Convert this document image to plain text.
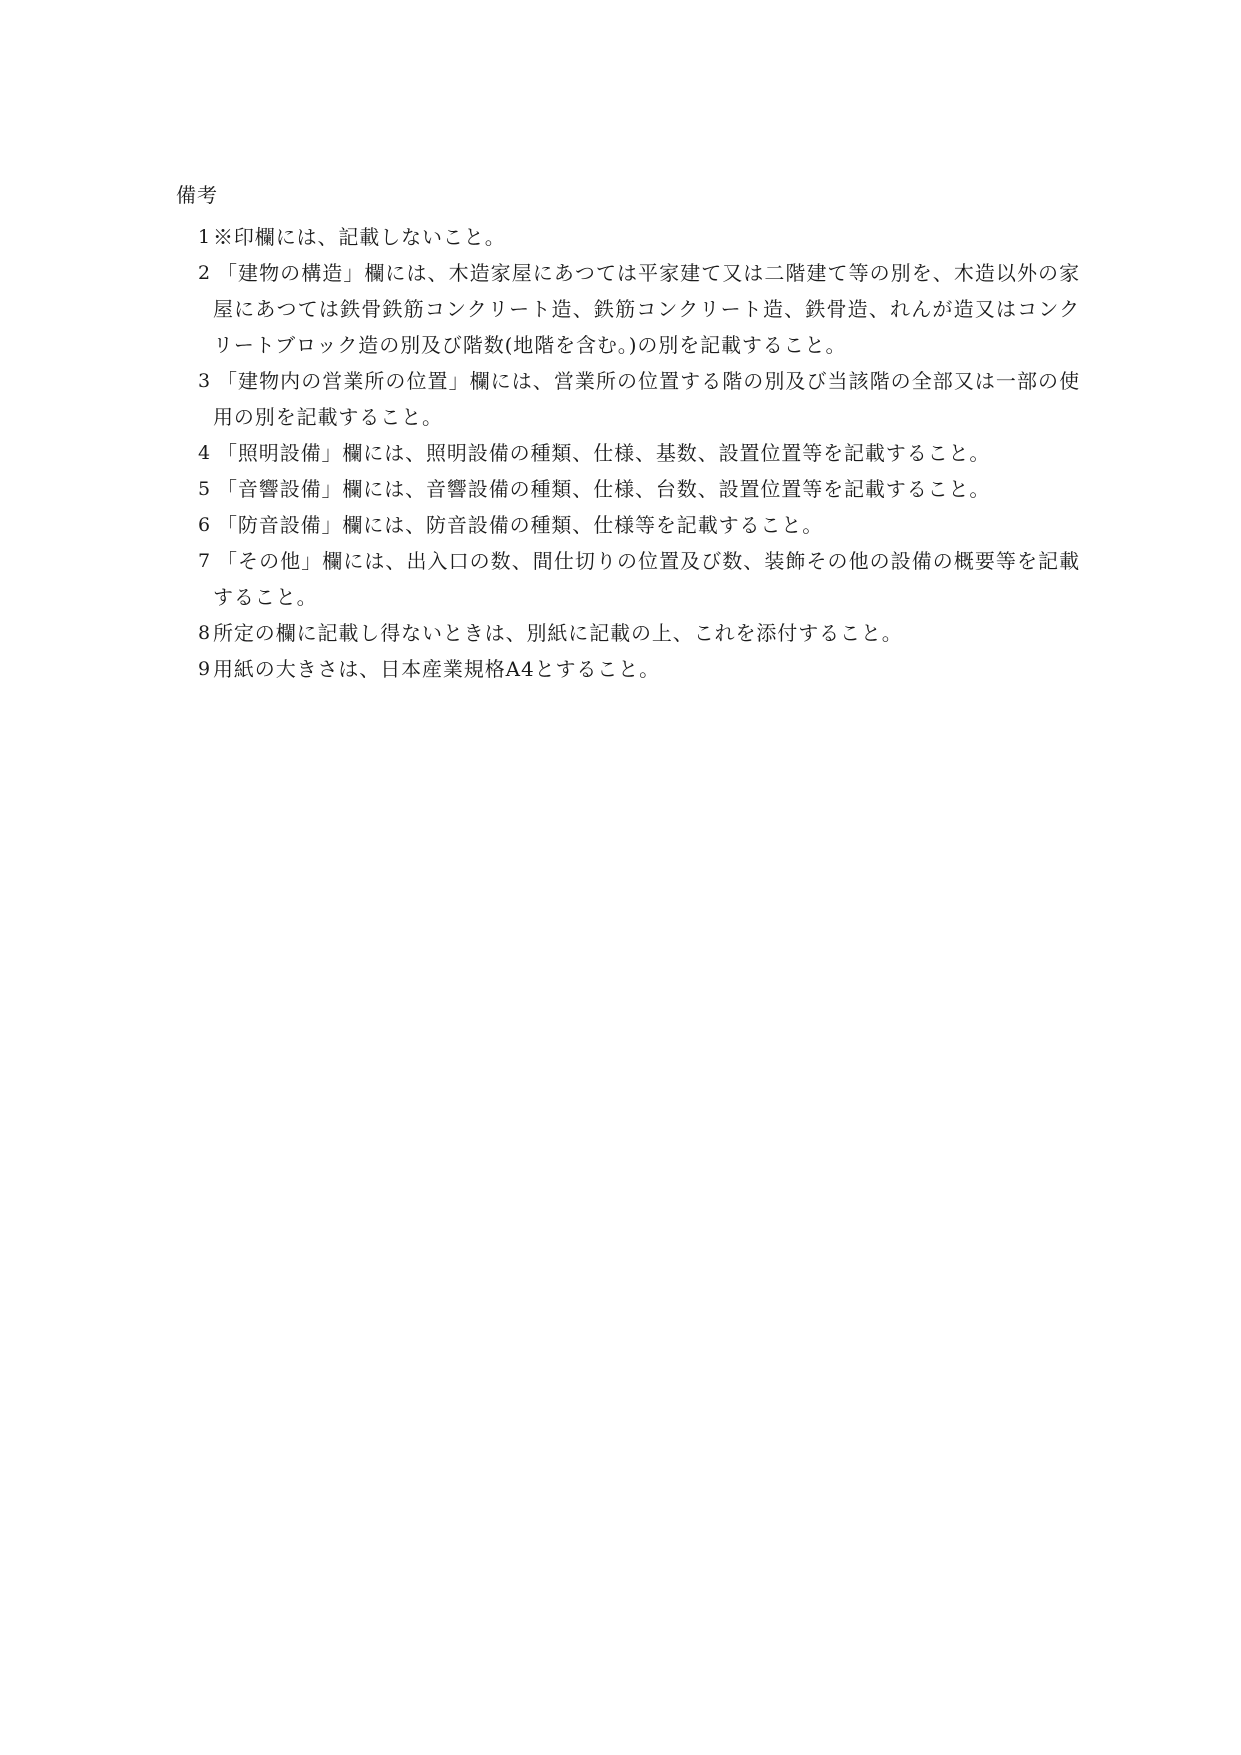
備考
1 ※印欄には、記載しないこと。
2 「建物の構造」欄には、木造家屋にあつては平家建て又は二階建て等の別を、木造以外の家屋にあつては鉄骨鉄筋コンクリート造、鉄筋コンクリート造、鉄骨造、れんが造又はコンクリートブロック造の別及び階数(地階を含む。)の別を記載すること。
3 「建物内の営業所の位置」欄には、営業所の位置する階の別及び当該階の全部又は一部の使用の別を記載すること。
4 「照明設備」欄には、照明設備の種類、仕様、基数、設置位置等を記載すること。
5 「音響設備」欄には、音響設備の種類、仕様、台数、設置位置等を記載すること。
6 「防音設備」欄には、防音設備の種類、仕様等を記載すること。
7 「その他」欄には、出入口の数、間仕切りの位置及び数、装飾その他の設備の概要等を記載すること。
8 所定の欄に記載し得ないときは、別紙に記載の上、これを添付すること。
9 用紙の大きさは、日本産業規格A4とすること。
